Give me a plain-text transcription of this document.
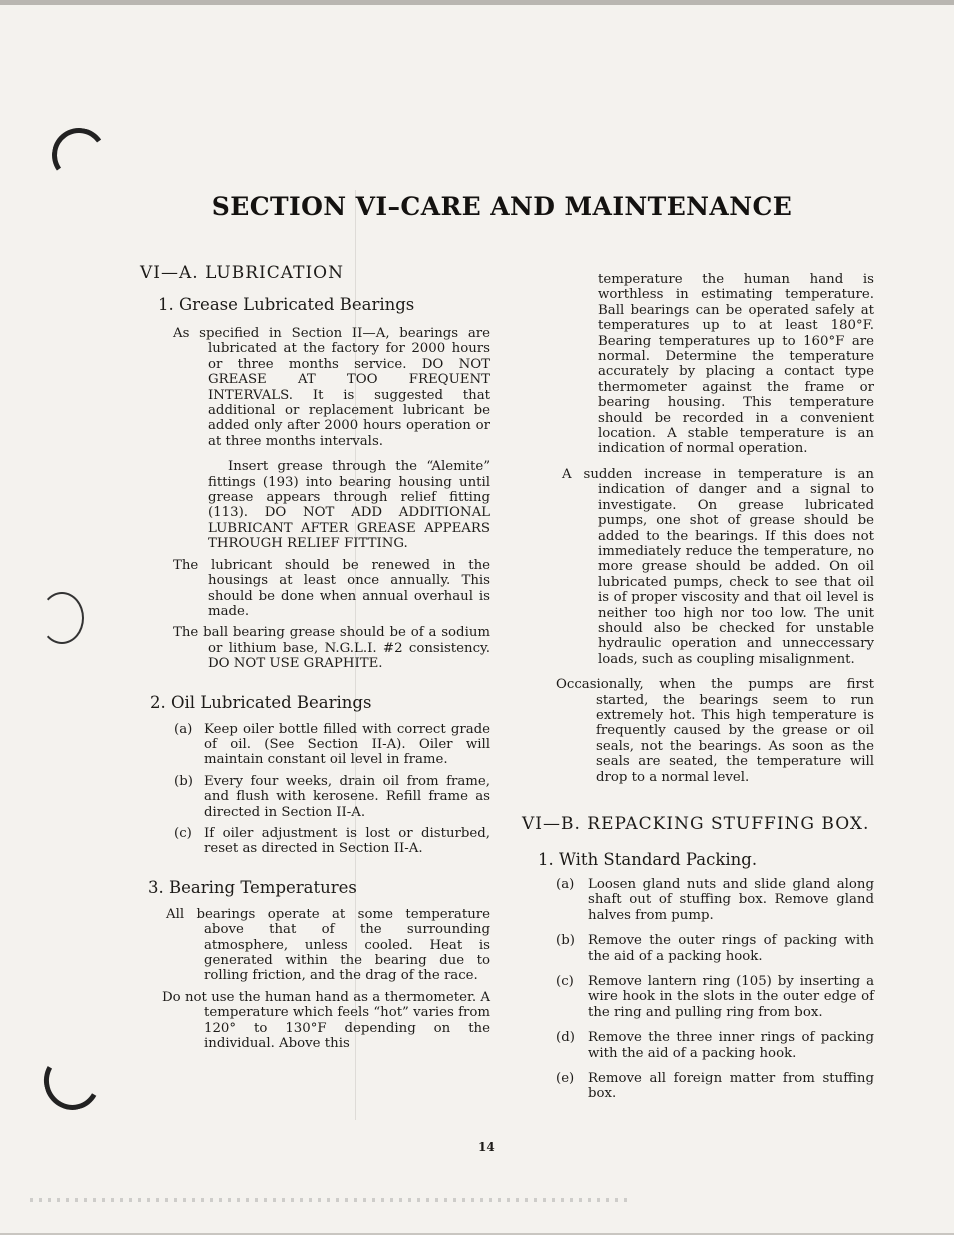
SECTION VI–CARE AND MAINTENANCE
VI—A. LUBRICATION
1. Grease Lubricated Bearings

As specified in Section II—A, bearings are lubricated at the factory for 2000 hours or three months service. DO NOT GREASE AT TOO FREQUENT INTERVALS. It is suggested that additional or replacement lubricant be added only after 2000 hours operation or at three months intervals.

Insert grease through the “Alemite” fittings (193) into bearing housing until grease appears through relief fitting (113). DO NOT ADD ADDITIONAL LUBRICANT AFTER GREASE APPEARS THROUGH RELIEF FITTING.

The lubricant should be renewed in the housings at least once annually. This should be done when annual overhaul is made.

The ball bearing grease should be of a sodium or lithium base, N.G.L.I. #2 consistency. DO NOT USE GRAPHITE.

2. Oil Lubricated Bearings
(a) Keep oiler bottle filled with correct grade of oil. (See Section II-A). Oiler will maintain constant oil level in frame.

(b) Every four weeks, drain oil from frame, and flush with kerosene. Refill frame as directed in Section II-A.

(c) If oiler adjustment is lost or disturbed, reset as directed in Section II-A.

3. Bearing Temperatures

All bearings operate at some temperature above that of the surrounding atmosphere, unless cooled. Heat is generated within the bearing due to rolling friction, and the drag of the race.

Do not use the human hand as a thermometer. A temperature which feels “hot” varies from 120° to 130°F depending on the individual. Above this

temperature the human hand is worthless in estimating temperature. Ball bearings can be operated safely at temperatures up to at least 180°F. Bearing temperatures up to 160°F are normal. Determine the temperature accurately by placing a contact type thermometer against the frame or bearing housing. This temperature should be recorded in a convenient location. A stable temperature is an indication of normal operation.

A sudden increase in temperature is an indication of danger and a signal to investigate. On grease lubricated pumps, one shot of grease should be added to the bearings. If this does not immediately reduce the temperature, no more grease should be added. On oil lubricated pumps, check to see that oil is of proper viscosity and that oil level is neither too high nor too low. The unit should also be checked for unstable hydraulic operation and unneccessary loads, such as coupling misalignment.

Occasionally, when the pumps are first started, the bearings seem to run extremely hot. This high temperature is frequently caused by the grease or oil seals, not the bearings. As soon as the seals are seated, the temperature will drop to a normal level.

VI—B. REPACKING STUFFING BOX.
1. With Standard Packing.
(a) Loosen gland nuts and slide gland along shaft out of stuffing box. Remove gland halves from pump.

(b) Remove the outer rings of packing with the aid of a packing hook.

(c) Remove lantern ring (105) by inserting a wire hook in the slots in the outer edge of the ring and pulling ring from box.

(d) Remove the three inner rings of packing with the aid of a packing hook.

(e) Remove all foreign matter from stuffing box.

14
